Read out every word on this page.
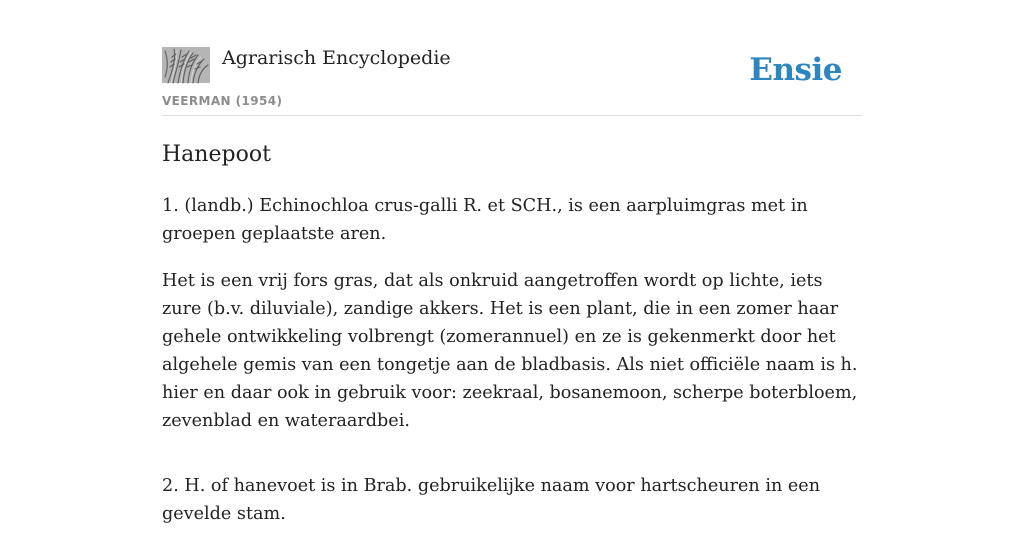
Agrarisch Encyclopedie
VEERMAN (1954)
Ensie
Hanepoot

1. (landb.) Echinochloa crus-galli R. et SCH., is een aarpluimgras met in groepen geplaatste aren.

Het is een vrij fors gras, dat als onkruid aangetroffen wordt op lichte, iets zure (b.v. diluviale), zandige akkers. Het is een plant, die in een zomer haar gehele ontwikkeling volbrengt (zomerannuel) en ze is gekenmerkt door het algehele gemis van een tongetje aan de bladbasis. Als niet officiële naam is h. hier en daar ook in gebruik voor: zeekraal, bosanemoon, scherpe boterbloem, zevenblad en wateraardbei.

2. H. of hanevoet is in Brab. gebruikelijke naam voor hartscheuren in een gevelde stam.
